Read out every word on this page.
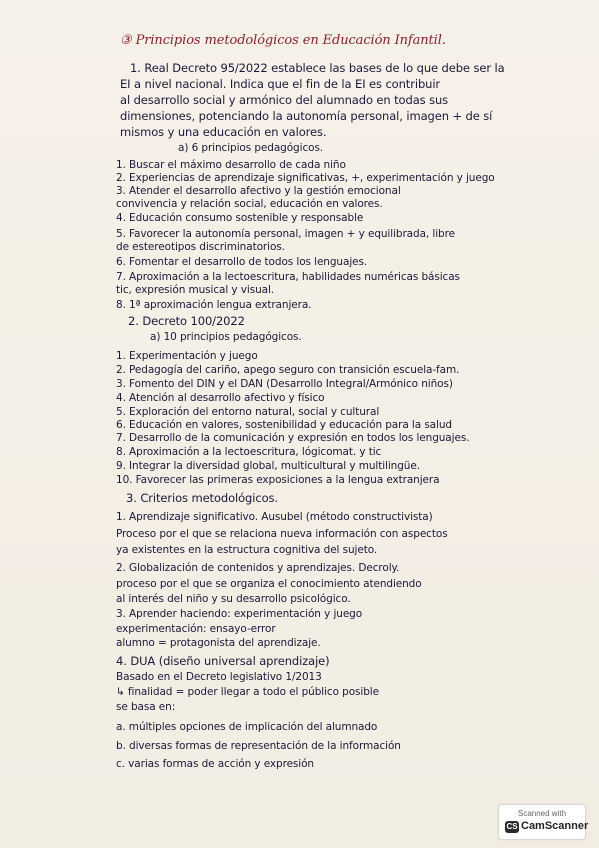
③ Principios metodológicos en Educación Infantil.
1. Real Decreto 95/2022 establece las bases de lo que debe ser la
EI a nivel nacional. Indica que el fin de la EI es contribuir
al desarrollo social y armónico del alumnado en todas sus
dimensiones, potenciando la autonomía personal, imagen + de sí
mismos y una educación en valores.
a) 6 principios pedagógicos.
1. Buscar el máximo desarrollo de cada niño
2. Experiencias de aprendizaje significativas, +, experimentación y juego
3. Atender el desarrollo afectivo y la gestión emocional
convivencia y relación social, educación en valores.
4. Educación consumo sostenible y responsable
5. Favorecer la autonomía personal, imagen + y equilibrada, libre
de estereotipos discriminatorios.
6. Fomentar el desarrollo de todos los lenguajes.
7. Aproximación a la lectoescritura, habilidades numéricas básicas
tic, expresión musical y visual.
8. 1ª aproximación lengua extranjera.
2. Decreto 100/2022
a) 10 principios pedagógicos.
1. Experimentación y juego
2. Pedagogía del cariño, apego seguro con transición escuela-fam.
3. Fomento del DIN y el DAN (Desarrollo Integral/Armónico niños)
4. Atención al desarrollo afectivo y físico
5. Exploración del entorno natural, social y cultural
6. Educación en valores, sostenibilidad y educación para la salud
7. Desarrollo de la comunicación y expresión en todos los lenguajes.
8. Aproximación a la lectoescritura, lógicomat. y tic
9. Integrar la diversidad global, multicultural y multilingüe.
10. Favorecer las primeras exposiciones a la lengua extranjera
3. Criterios metodológicos.
1. Aprendizaje significativo. Ausubel (método constructivista)
Proceso por el que se relaciona nueva información con aspectos
ya existentes en la estructura cognitiva del sujeto.
2. Globalización de contenidos y aprendizajes. Decroly.
proceso por el que se organiza el conocimiento atendiendo
al interés del niño y su desarrollo psicológico.
3. Aprender haciendo: experimentación y juego
experimentación: ensayo-error
alumno = protagonista del aprendizaje.
4. DUA (diseño universal aprendizaje)
Basado en el Decreto legislativo 1/2013
↳ finalidad = poder llegar a todo el público posible
se basa en:
a. múltiples opciones de implicación del alumnado
b. diversas formas de representación de la información
c. varias formas de acción y expresión
Scanned with
CS CamScanner
